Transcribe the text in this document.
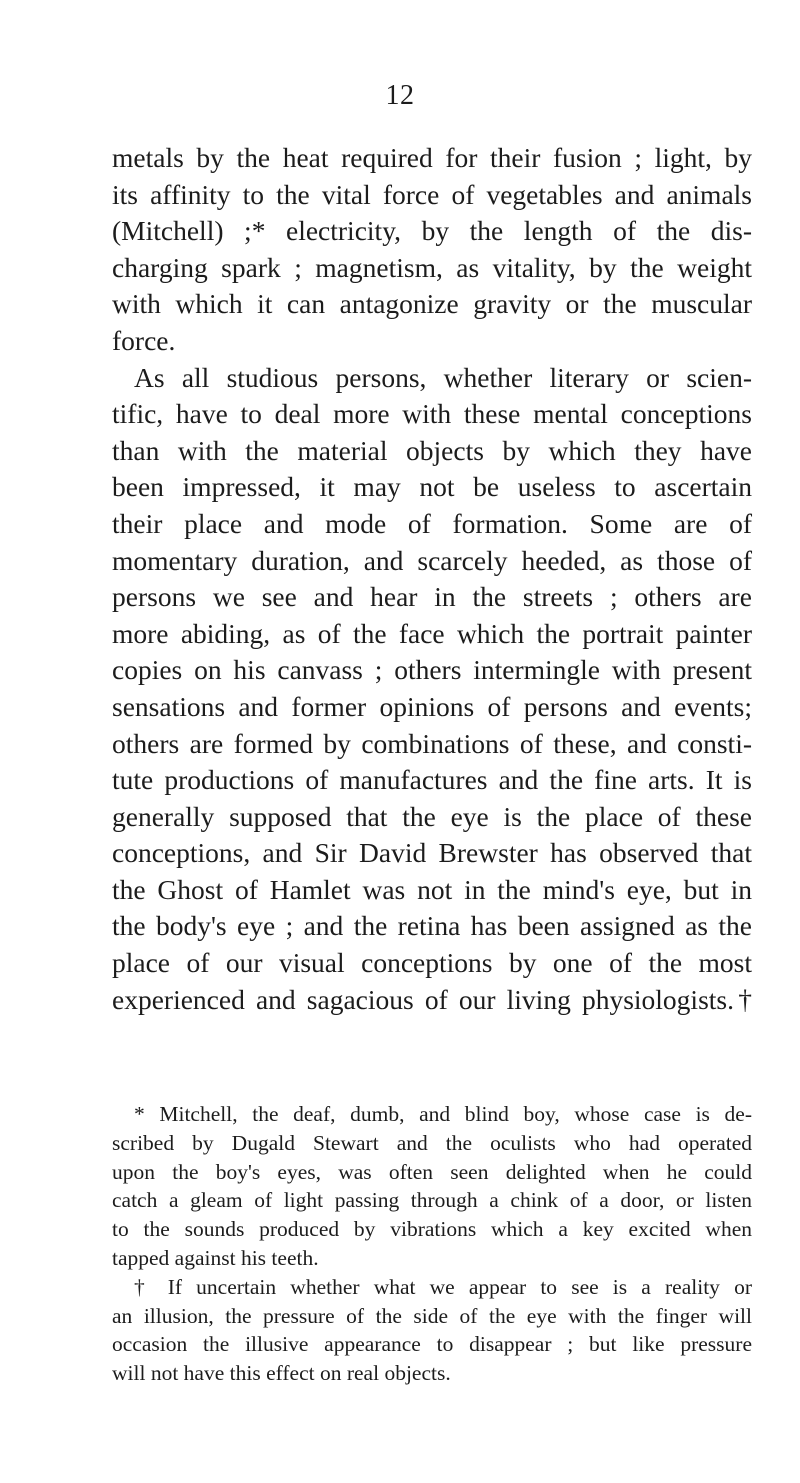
12
metals by the heat required for their fusion ; light, by
its affinity to the vital force of vegetables and animals
(Mitchell) ;* electricity, by the length of the dis-
charging spark ; magnetism, as vitality, by the weight
with which it can antagonize gravity or the muscular
force.
As all studious persons, whether literary or scien-
tific, have to deal more with these mental conceptions
than with the material objects by which they have
been impressed, it may not be useless to ascertain
their place and mode of formation. Some are of
momentary duration, and scarcely heeded, as those of
persons we see and hear in the streets ; others are
more abiding, as of the face which the portrait painter
copies on his canvass ; others intermingle with present
sensations and former opinions of persons and events;
others are formed by combinations of these, and consti-
tute productions of manufactures and the fine arts. It is
generally supposed that the eye is the place of these
conceptions, and Sir David Brewster has observed that
the Ghost of Hamlet was not in the mind's eye, but in
the body's eye ; and the retina has been assigned as the
place of our visual conceptions by one of the most
experienced and sagacious of our living physiologists.†
* Mitchell, the deaf, dumb, and blind boy, whose case is de-
scribed by Dugald Stewart and the oculists who had operated
upon the boy's eyes, was often seen delighted when he could
catch a gleam of light passing through a chink of a door, or listen
to the sounds produced by vibrations which a key excited when
tapped against his teeth.
† If uncertain whether what we appear to see is a reality or
an illusion, the pressure of the side of the eye with the finger will
occasion the illusive appearance to disappear ; but like pressure
will not have this effect on real objects.
